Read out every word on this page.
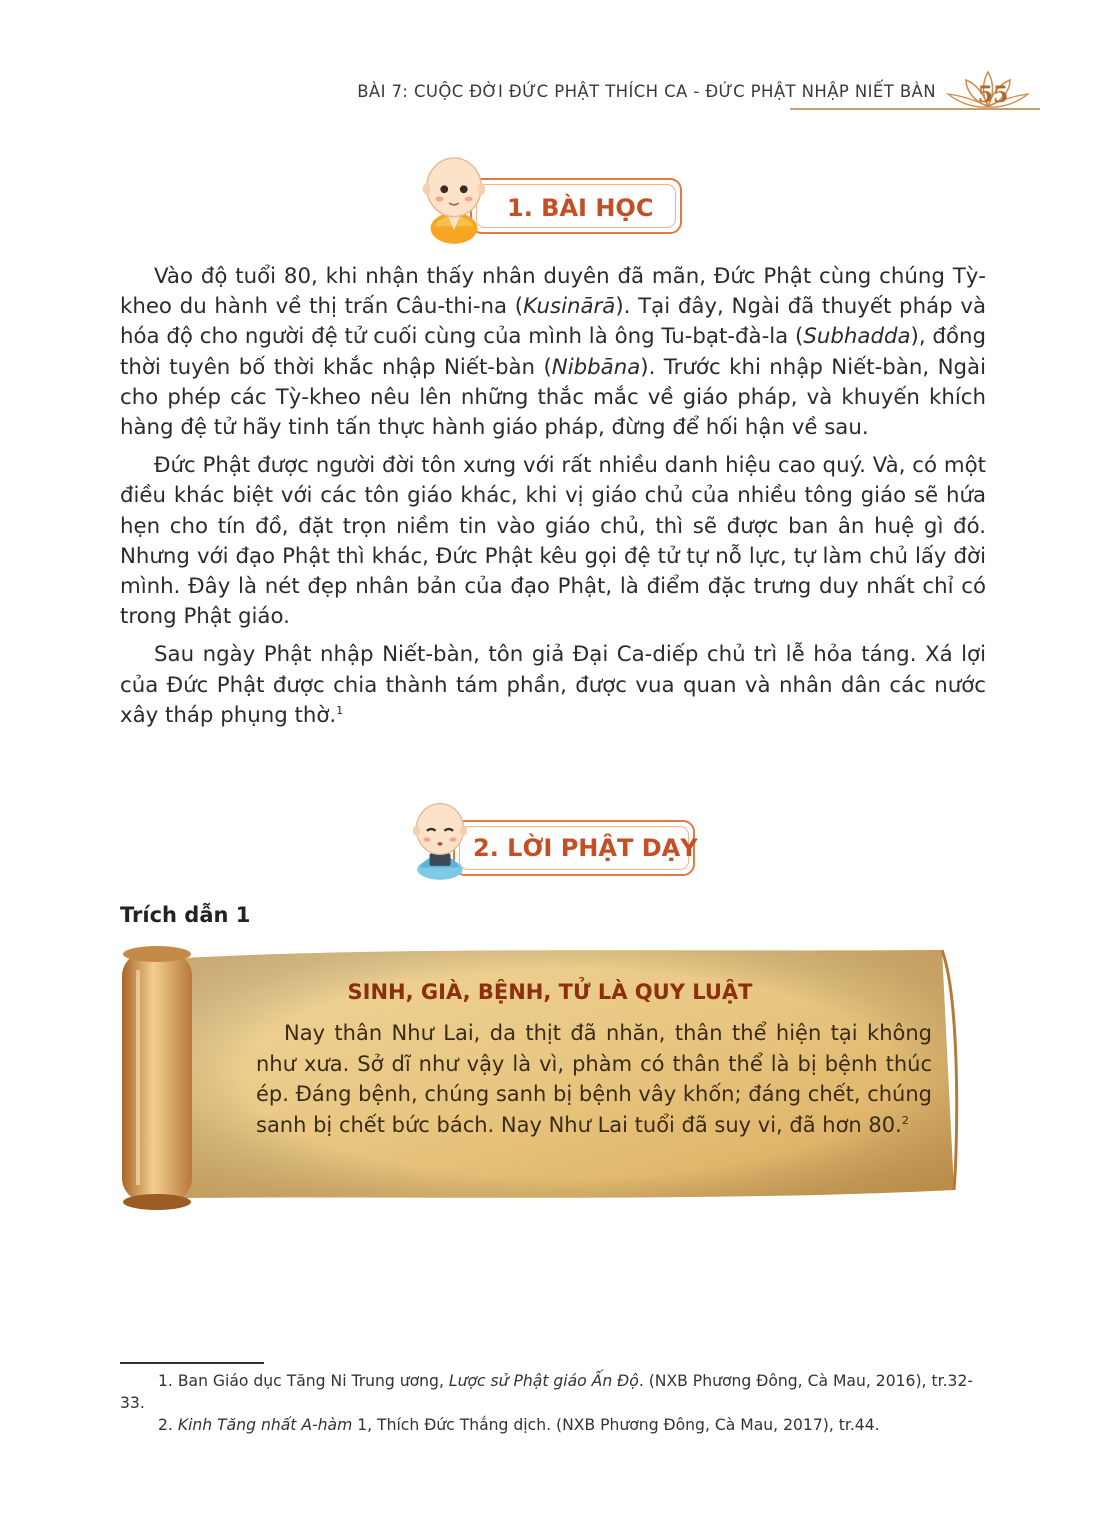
BÀI 7: CUỘC ĐỜI ĐỨC PHẬT THÍCH CA - ĐỨC PHẬT NHẬP NIẾT BÀN 55
1. BÀI HỌC

Vào độ tuổi 80, khi nhận thấy nhân duyên đã mãn, Đức Phật cùng chúng Tỳ-kheo du hành về thị trấn Câu-thi-na (Kusinārā). Tại đây, Ngài đã thuyết pháp và hóa độ cho người đệ tử cuối cùng của mình là ông Tu-bạt-đà-la (Subhadda), đồng thời tuyên bố thời khắc nhập Niết-bàn (Nibbāna). Trước khi nhập Niết-bàn, Ngài cho phép các Tỳ-kheo nêu lên những thắc mắc về giáo pháp, và khuyến khích hàng đệ tử hãy tinh tấn thực hành giáo pháp, đừng để hối hận về sau.

Đức Phật được người đời tôn xưng với rất nhiều danh hiệu cao quý. Và, có một điều khác biệt với các tôn giáo khác, khi vị giáo chủ của nhiều tông giáo sẽ hứa hẹn cho tín đồ, đặt trọn niềm tin vào giáo chủ, thì sẽ được ban ân huệ gì đó. Nhưng với đạo Phật thì khác, Đức Phật kêu gọi đệ tử tự nỗ lực, tự làm chủ lấy đời mình. Đây là nét đẹp nhân bản của đạo Phật, là điểm đặc trưng duy nhất chỉ có trong Phật giáo.

Sau ngày Phật nhập Niết-bàn, tôn giả Đại Ca-diếp chủ trì lễ hỏa táng. Xá lợi của Đức Phật được chia thành tám phần, được vua quan và nhân dân các nước xây tháp phụng thờ.$^1$

2. LỜI PHẬT DẠY
Trích dẫn 1
SINH, GIÀ, BỆNH, TỬ LÀ QUY LUẬT

Nay thân Như Lai, da thịt đã nhăn, thân thể hiện tại không như xưa. Sở dĩ như vậy là vì, phàm có thân thể là bị bệnh thúc ép. Đáng bệnh, chúng sanh bị bệnh vây khốn; đáng chết, chúng sanh bị chết bức bách. Nay Như Lai tuổi đã suy vi, đã hơn 80.$^2$

1. Ban Giáo dục Tăng Ni Trung ương, Lược sử Phật giáo Ấn Độ. (NXB Phương Đông, Cà Mau, 2016), tr.32-33.

2. Kinh Tăng nhất A-hàm 1, Thích Đức Thắng dịch. (NXB Phương Đông, Cà Mau, 2017), tr.44.
